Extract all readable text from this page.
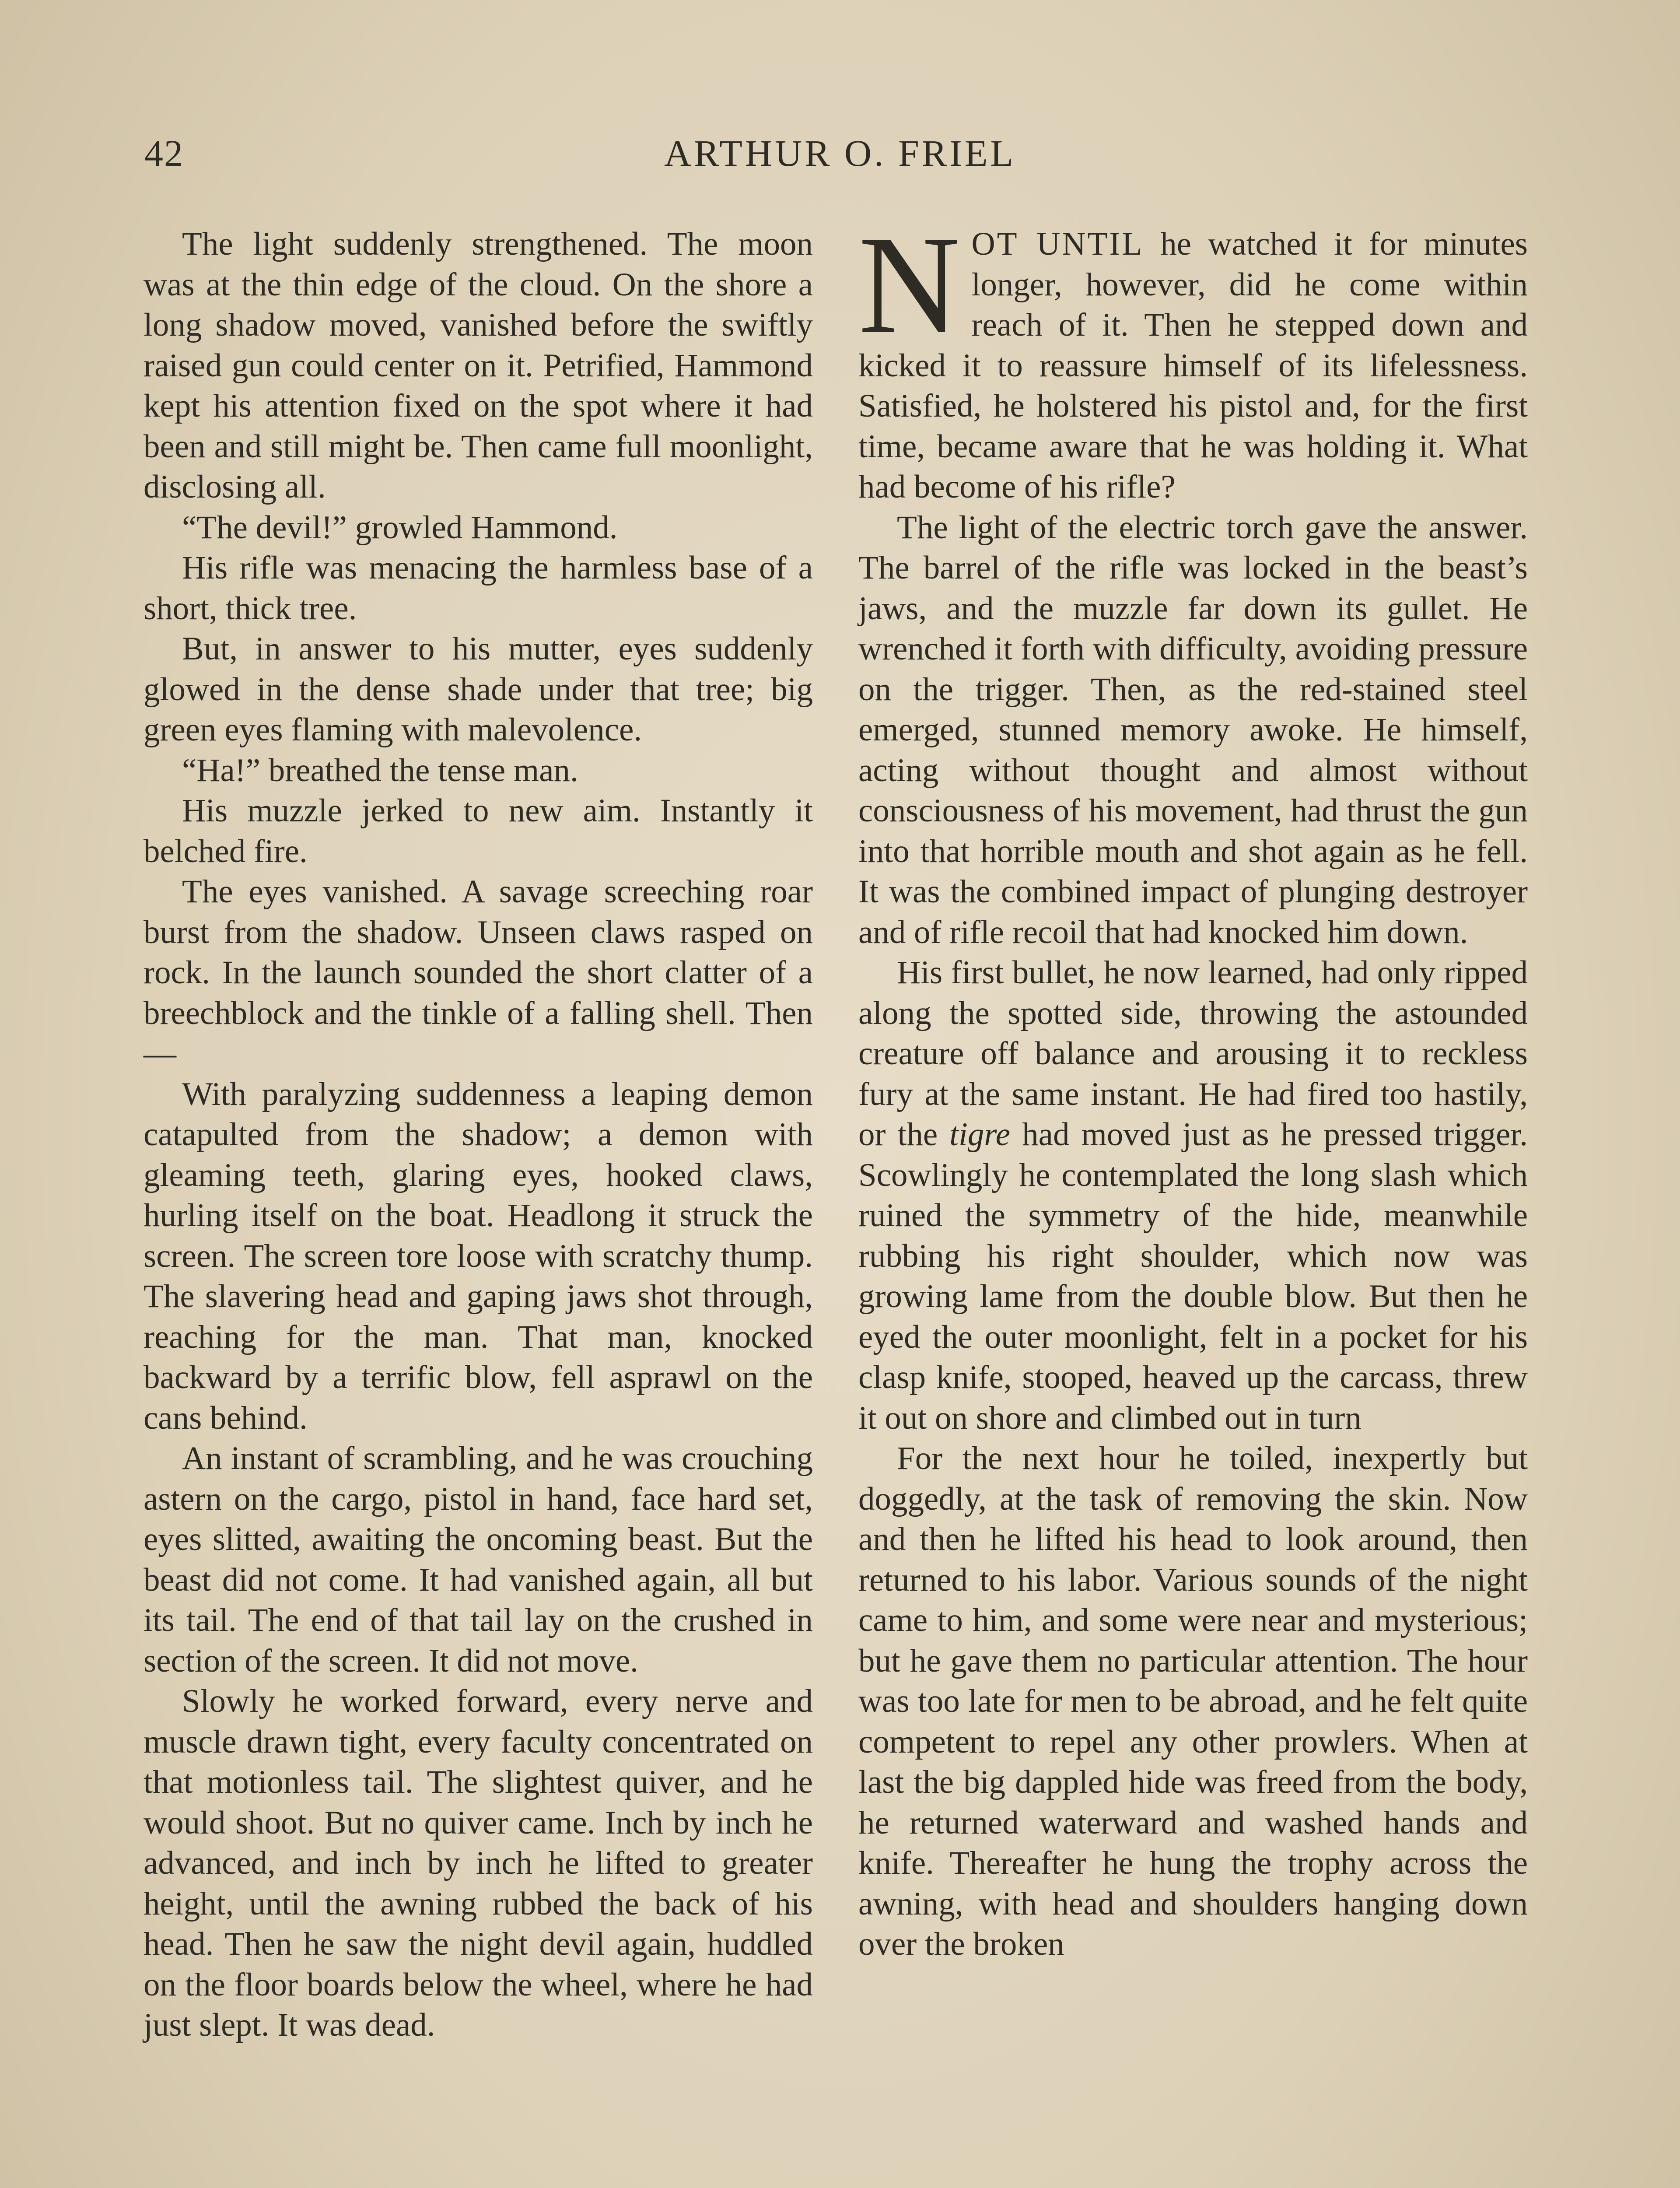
42	ARTHUR O. FRIEL

The light suddenly strengthened. The moon was at the thin edge of the cloud. On the shore a long shadow moved, vanished before the swiftly raised gun could center on it. Petrified, Hammond kept his attention fixed on the spot where it had been and still might be. Then came full moonlight, disclosing all.

“The devil!” growled Hammond.

His rifle was menacing the harmless base of a short, thick tree.

But, in answer to his mutter, eyes suddenly glowed in the dense shade under that tree; big green eyes flaming with malevolence.

“Ha!” breathed the tense man.

His muzzle jerked to new aim. Instantly it belched fire.

The eyes vanished. A savage screeching roar burst from the shadow. Unseen claws rasped on rock. In the launch sounded the short clatter of a breechblock and the tinkle of a falling shell. Then—

With paralyzing suddenness a leaping demon catapulted from the shadow; a demon with gleaming teeth, glaring eyes, hooked claws, hurling itself on the boat. Headlong it struck the screen. The screen tore loose with scratchy thump. The slavering head and gaping jaws shot through, reaching for the man. That man, knocked backward by a terrific blow, fell asprawl on the cans behind.

An instant of scrambling, and he was crouching astern on the cargo, pistol in hand, face hard set, eyes slitted, awaiting the oncoming beast. But the beast did not come. It had vanished again, all but its tail. The end of that tail lay on the crushed in section of the screen. It did not move.

Slowly he worked forward, every nerve and muscle drawn tight, every faculty concentrated on that motionless tail. The slightest quiver, and he would shoot. But no quiver came. Inch by inch he advanced, and inch by inch he lifted to greater height, until the awning rubbed the back of his head. Then he saw the night devil again, huddled on the floor boards below the wheel, where he had just slept. It was dead.

NOT UNTIL he watched it for minutes longer, however, did he come within reach of it. Then he stepped down and kicked it to reassure himself of its lifelessness. Satisfied, he holstered his pistol and, for the first time, became aware that he was holding it. What had become of his rifle?

The light of the electric torch gave the answer. The barrel of the rifle was locked in the beast’s jaws, and the muzzle far down its gullet. He wrenched it forth with difficulty, avoiding pressure on the trigger. Then, as the red-stained steel emerged, stunned memory awoke. He himself, acting without thought and almost without consciousness of his movement, had thrust the gun into that horrible mouth and shot again as he fell. It was the combined impact of plunging destroyer and of rifle recoil that had knocked him down.

His first bullet, he now learned, had only ripped along the spotted side, throwing the astounded creature off balance and arousing it to reckless fury at the same instant. He had fired too hastily, or the tigre had moved just as he pressed trigger. Scowlingly he contemplated the long slash which ruined the symmetry of the hide, meanwhile rubbing his right shoulder, which now was growing lame from the double blow. But then he eyed the outer moonlight, felt in a pocket for his clasp knife, stooped, heaved up the carcass, threw it out on shore and climbed out in turn

For the next hour he toiled, inexpertly but doggedly, at the task of removing the skin. Now and then he lifted his head to look around, then returned to his labor. Various sounds of the night came to him, and some were near and mysterious; but he gave them no particular attention. The hour was too late for men to be abroad, and he felt quite competent to repel any other prowlers. When at last the big dappled hide was freed from the body, he returned waterward and washed hands and knife. Thereafter he hung the trophy across the awning, with head and shoulders hanging down over the broken
